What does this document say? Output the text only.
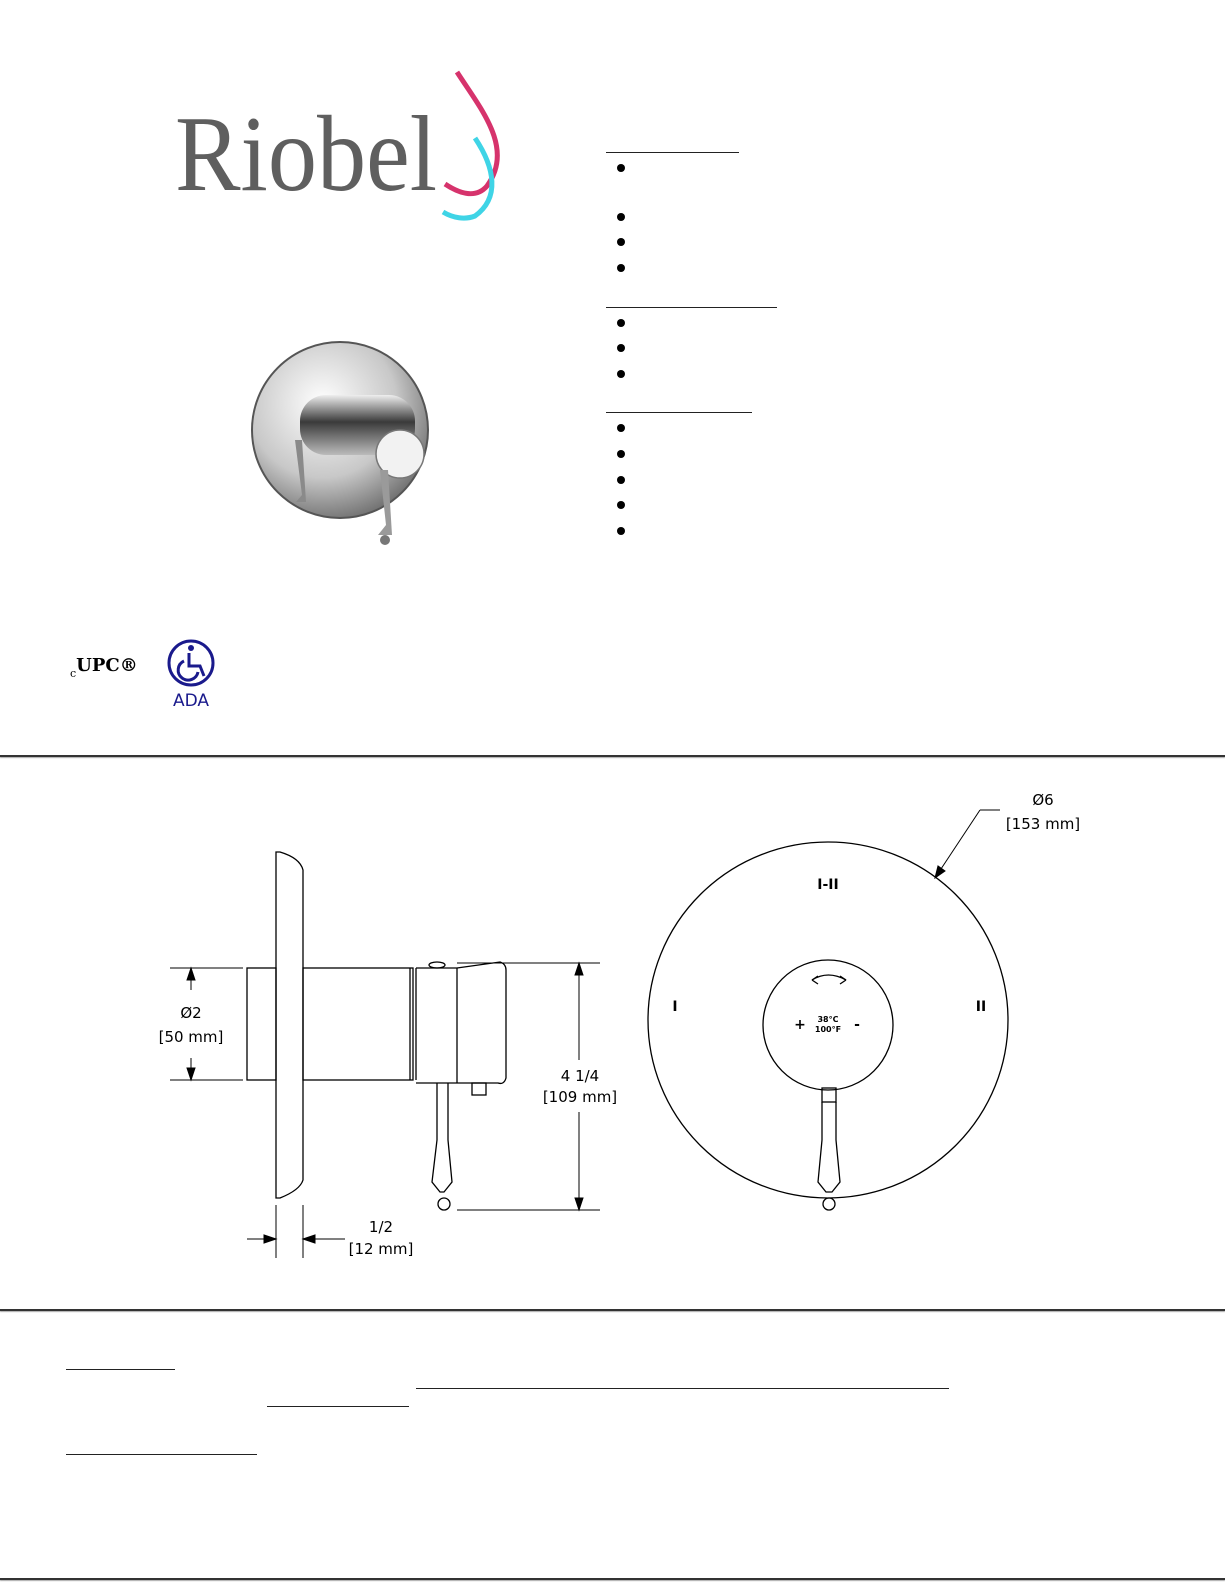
Riobel
$_c$UPC®
ADA
Ø2
[50 mm]
4 1/4
[109 mm]
1/2
[12 mm]
Ø6
[153 mm]
I-II
I	II
+	-
38°C
100°F
